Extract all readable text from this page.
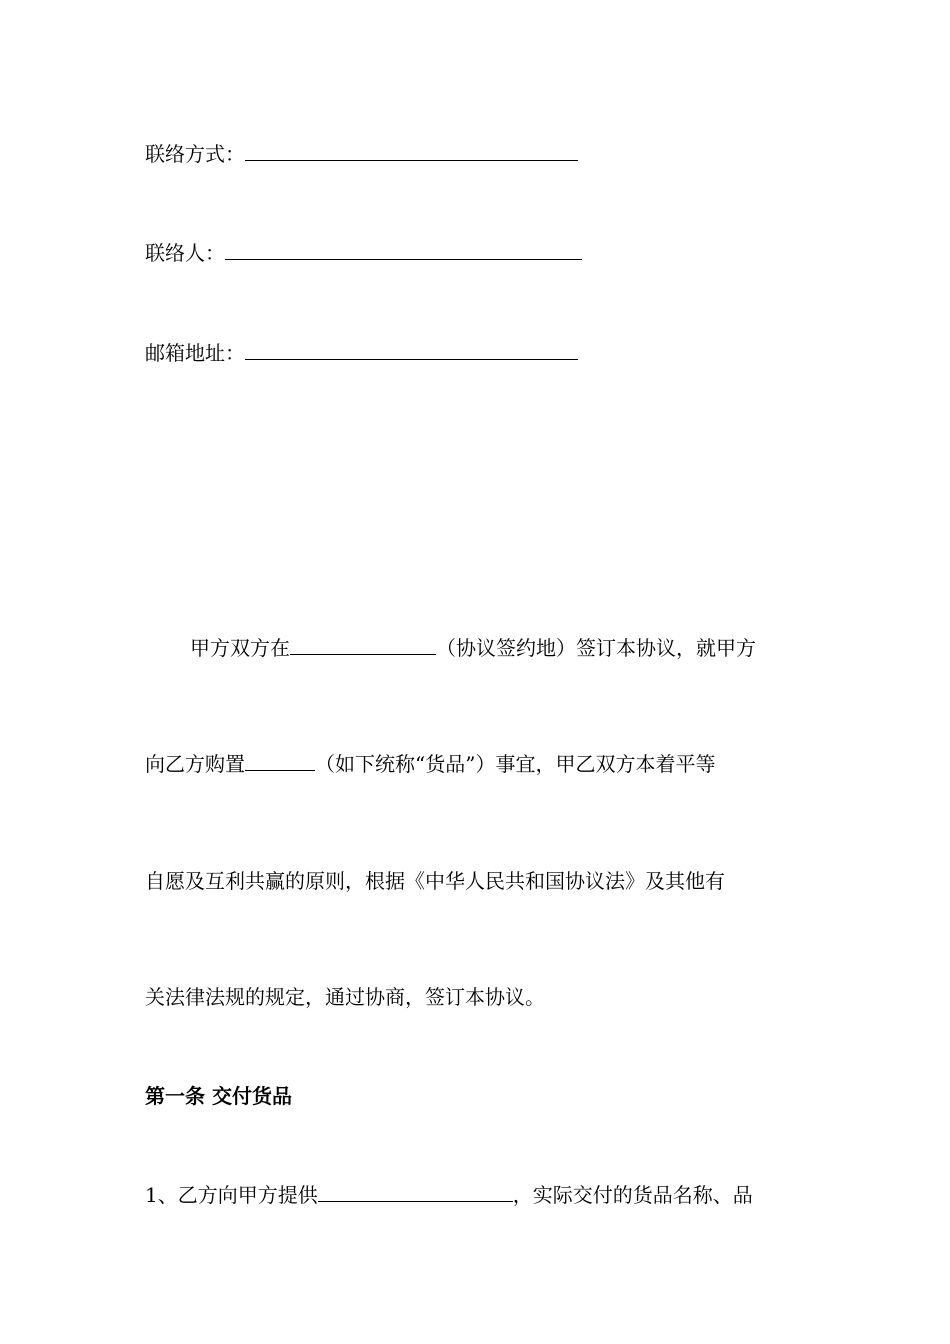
联络方式：
联络人：
邮箱地址：
甲方双方在	（协议签约地）签订本协议，就甲方
向乙方购置	（如下统称“货品”）事宜，甲乙双方本着平等
自愿及互利共赢的原则，根据《中华人民共和国协议法》及其他有
关法律法规的规定，通过协商，签订本协议。
第一条 交付货品
1、乙方向甲方提供	，实际交付的货品名称、品
